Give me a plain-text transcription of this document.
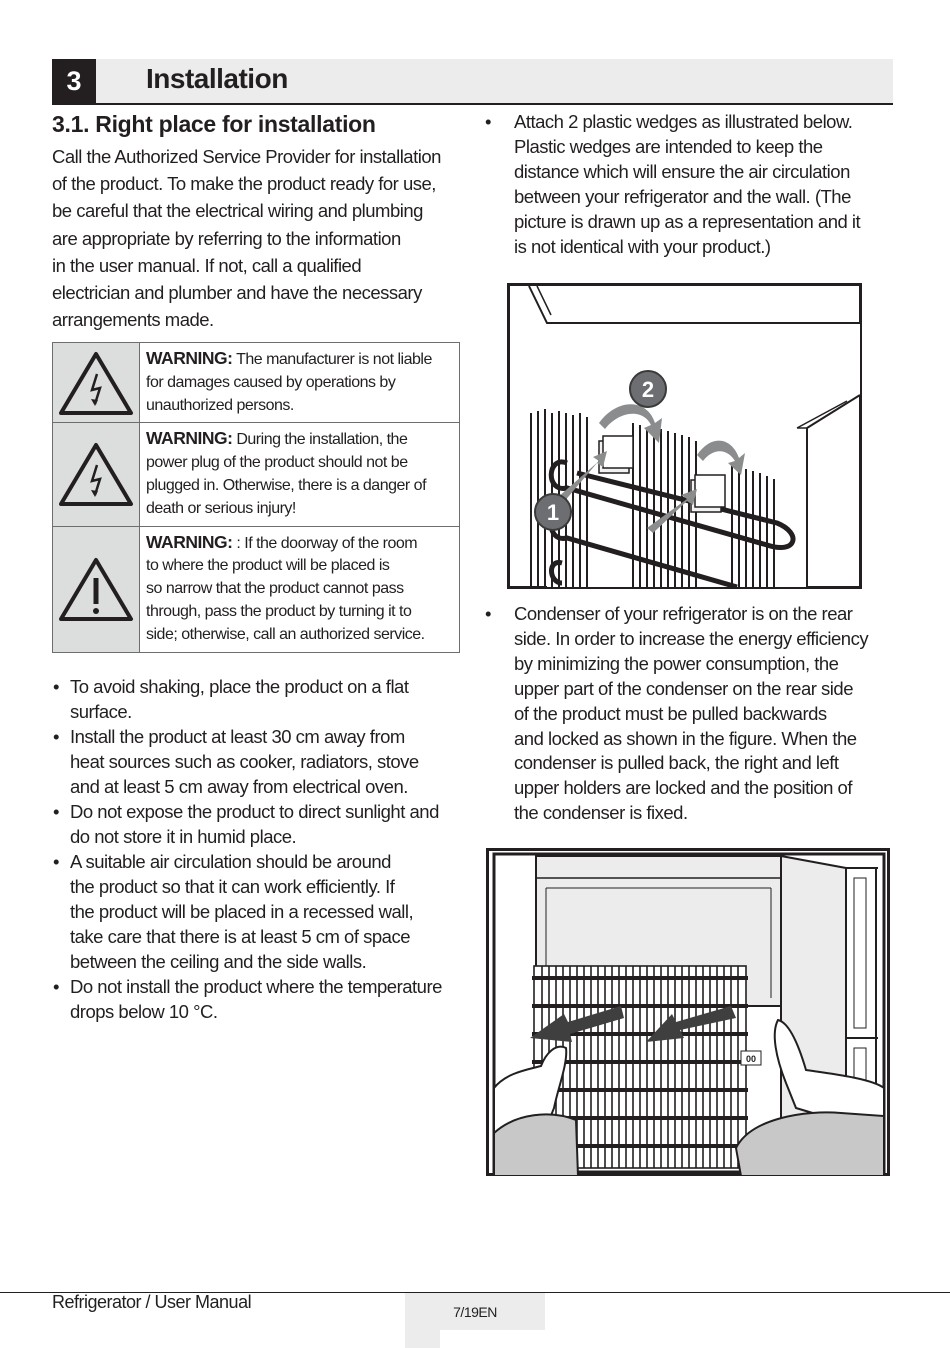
3	Installation
3.1. Right place for installation
Call the Authorized Service Provider for installation
of the product. To make the product ready for use,
be careful that the electrical wiring and plumbing
are appropriate by referring to the information
in the user manual. If not, call a qualified
electrician and plumber and have the necessary
arrangements made.
	WARNING: The manufacturer is not liable
for damages caused by operations by
unauthorized persons.

	WARNING: During the installation, the
power plug of the product should not be
plugged in. Otherwise, there is a danger of
death or serious injury!

	WARNING: : If the doorway of the room
to where the product will be placed is
so narrow that the product cannot pass
through, pass the product by turning it to
side; otherwise, call an authorized service.
• To avoid shaking, place the product on a flat
surface.
• Install the product at least 30 cm away from
heat sources such as cooker, radiators, stove
and at least 5 cm away from electrical oven.
• Do not expose the product to direct sunlight and
do not store it in humid place.
• A suitable air circulation should be around
the product so that it can work efficiently. If
the product will be placed in a recessed wall,
take care that there is at least 5 cm of space
between the ceiling and the side walls.
• Do not install the product where the temperature
drops below 10 °C.
• Attach 2 plastic wedges as illustrated below.
Plastic wedges are intended to keep the
distance which will ensure the air circulation
between your refrigerator and the wall. (The
picture is drawn up as a representation and it
is not identical with your product.)
2
1
• Condenser of your refrigerator is on the rear
side. In order to increase the energy efficiency
by minimizing the power consumption, the
upper part of the condenser on the rear side
of the product must be pulled backwards
and locked as shown in the figure. When the
condenser is pulled back, the right and left
upper holders are locked and the position of
the condenser is fixed.
00
Refrigerator / User Manual	7/19EN
